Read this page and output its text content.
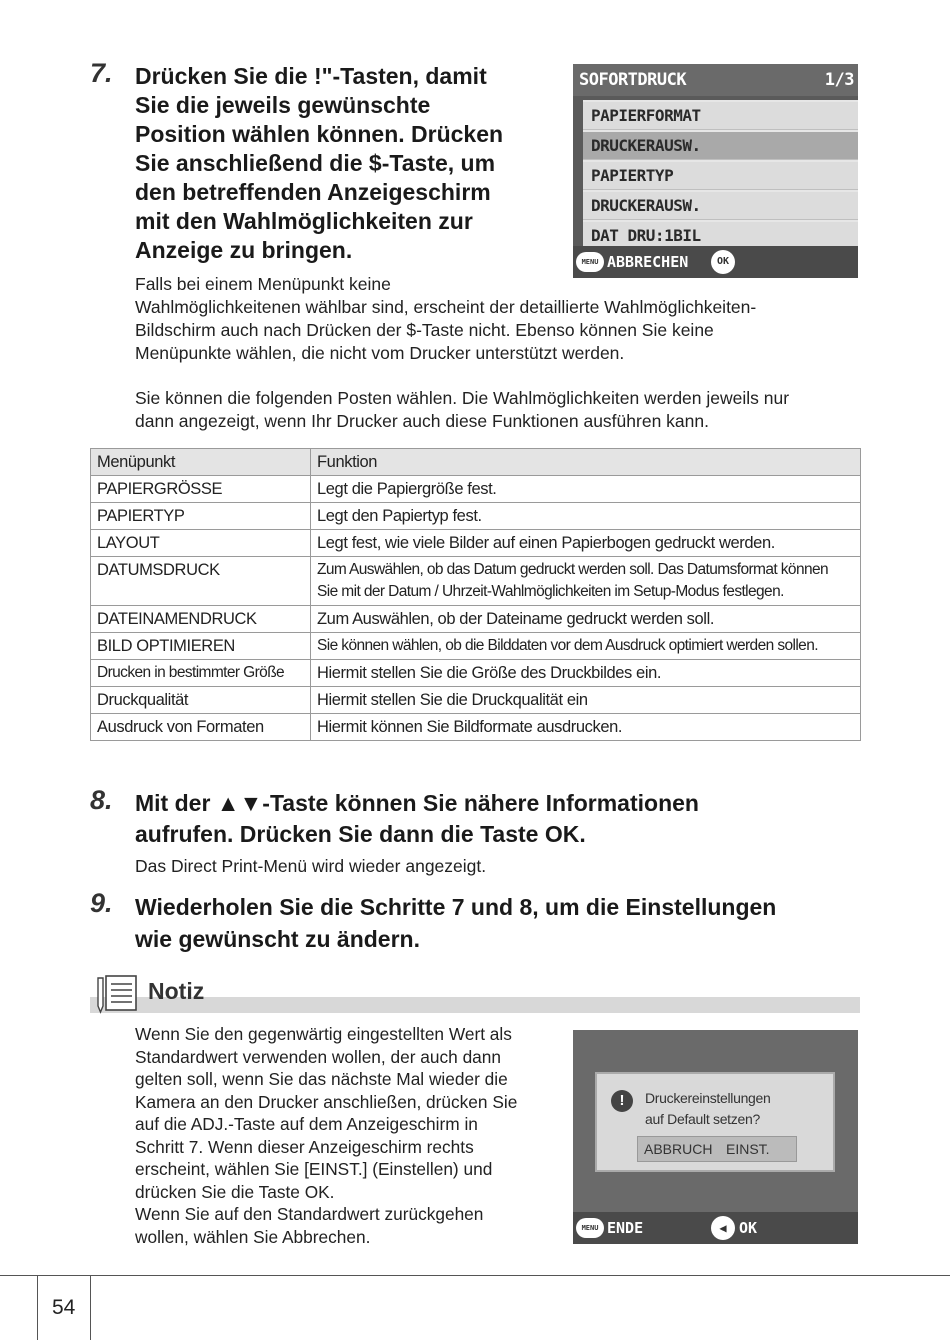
7. Drücken Sie die !"-Tasten, damit
Sie die jeweils gewünschte
Position wählen können. Drücken
Sie anschließend die $-Taste, um
den betreffenden Anzeigeschirm
mit den Wahlmöglichkeiten zur
Anzeige zu bringen.
SOFORTDRUCK	1/3
PAPIERFORMAT
DRUCKERAUSW.
PAPIERTYP
DRUCKERAUSW.
DAT DRU:1BIL
MENU ABBRECHEN	OK
Falls bei einem Menüpunkt keine
Wahlmöglichkeitenen wählbar sind, erscheint der detaillierte Wahlmöglichkeiten-
Bildschirm auch nach Drücken der $-Taste nicht. Ebenso können Sie keine
Menüpunkte wählen, die nicht vom Drucker unterstützt werden.
Sie können die folgenden Posten wählen. Die Wahlmöglichkeiten werden jeweils nur
dann angezeigt, wenn Ihr Drucker auch diese Funktionen ausführen kann.
Menüpunkt	Funktion
PAPIERGRÖSSE	Legt die Papiergröße fest.

PAPIERTYP	Legt den Papiertyp fest.

LAYOUT	Legt fest, wie viele Bilder auf einen Papierbogen gedruckt werden.

DATUMSDRUCK	Zum Auswählen, ob das Datum gedruckt werden soll. Das Datumsformat können
Sie mit der Datum / Uhrzeit-Wahlmöglichkeiten im Setup-Modus festlegen.

DATEINAMENDRUCK	Zum Auswählen, ob der Dateiname gedruckt werden soll.

BILD OPTIMIEREN	Sie können wählen, ob die Bilddaten vor dem Ausdruck optimiert werden sollen.

Drucken in bestimmter Größe	Hiermit stellen Sie die Größe des Druckbildes ein.

Druckqualität	Hiermit stellen Sie die Druckqualität ein

Ausdruck von Formaten	Hiermit können Sie Bildformate ausdrucken.
8. Mit der ▲▼-Taste können Sie nähere Informationen
aufrufen. Drücken Sie dann die Taste OK.
Das Direct Print-Menü wird wieder angezeigt.
9. Wiederholen Sie die Schritte 7 und 8, um die Einstellungen
wie gewünscht zu ändern.
Notiz
Wenn Sie den gegenwärtig eingestellten Wert als
Standardwert verwenden wollen, der auch dann
gelten soll, wenn Sie das nächste Mal wieder die
Kamera an den Drucker anschließen, drücken Sie
auf die ADJ.-Taste auf dem Anzeigeschirm in
Schritt 7. Wenn dieser Anzeigeschirm rechts
erscheint, wählen Sie [EINST.] (Einstellen) und
drücken Sie die Taste OK.
Wenn Sie auf den Standardwert zurückgehen
wollen, wählen Sie Abbrechen.
!	Druckereinstellungen
auf Default setzen?
ABBRUCH EINST.
MENU ENDE	◀ OK
54
